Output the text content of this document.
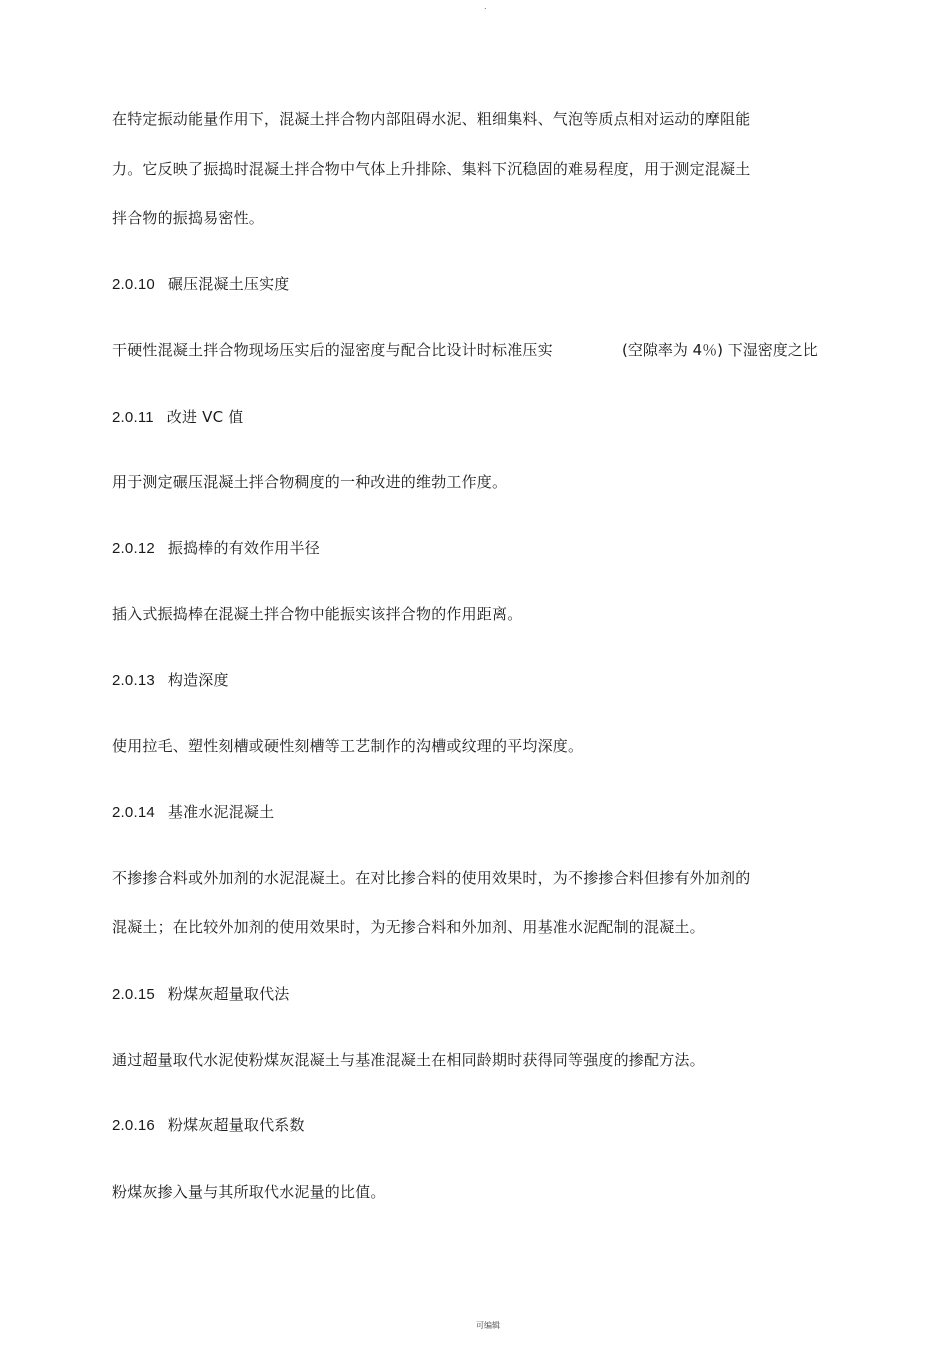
.
在特定振动能量作用下，混凝土拌合物内部阻碍水泥、粗细集料、气泡等质点相对运动的摩阻能
力。它反映了振捣时混凝土拌合物中气体上升排除、集料下沉稳固的难易程度，用于测定混凝土
拌合物的振捣易密性。
2.0.10 碾压混凝土压实度
干硬性混凝土拌合物现场压实后的湿密度与配合比设计时标准压实	(空隙率为 4％) 下湿密度之比
2.0.11 改进 VC 值
用于测定碾压混凝土拌合物稠度的一种改进的维勃工作度。
2.0.12 振捣棒的有效作用半径
插入式振捣棒在混凝土拌合物中能振实该拌合物的作用距离。
2.0.13 构造深度
使用拉毛、塑性刻槽或硬性刻槽等工艺制作的沟槽或纹理的平均深度。
2.0.14 基准水泥混凝土
不掺掺合料或外加剂的水泥混凝土。在对比掺合料的使用效果时，为不掺掺合料但掺有外加剂的
混凝土；在比较外加剂的使用效果时，为无掺合料和外加剂、用基准水泥配制的混凝土。
2.0.15 粉煤灰超量取代法
通过超量取代水泥使粉煤灰混凝土与基准混凝土在相同龄期时获得同等强度的掺配方法。
2.0.16 粉煤灰超量取代系数
粉煤灰掺入量与其所取代水泥量的比值。
可编辑
